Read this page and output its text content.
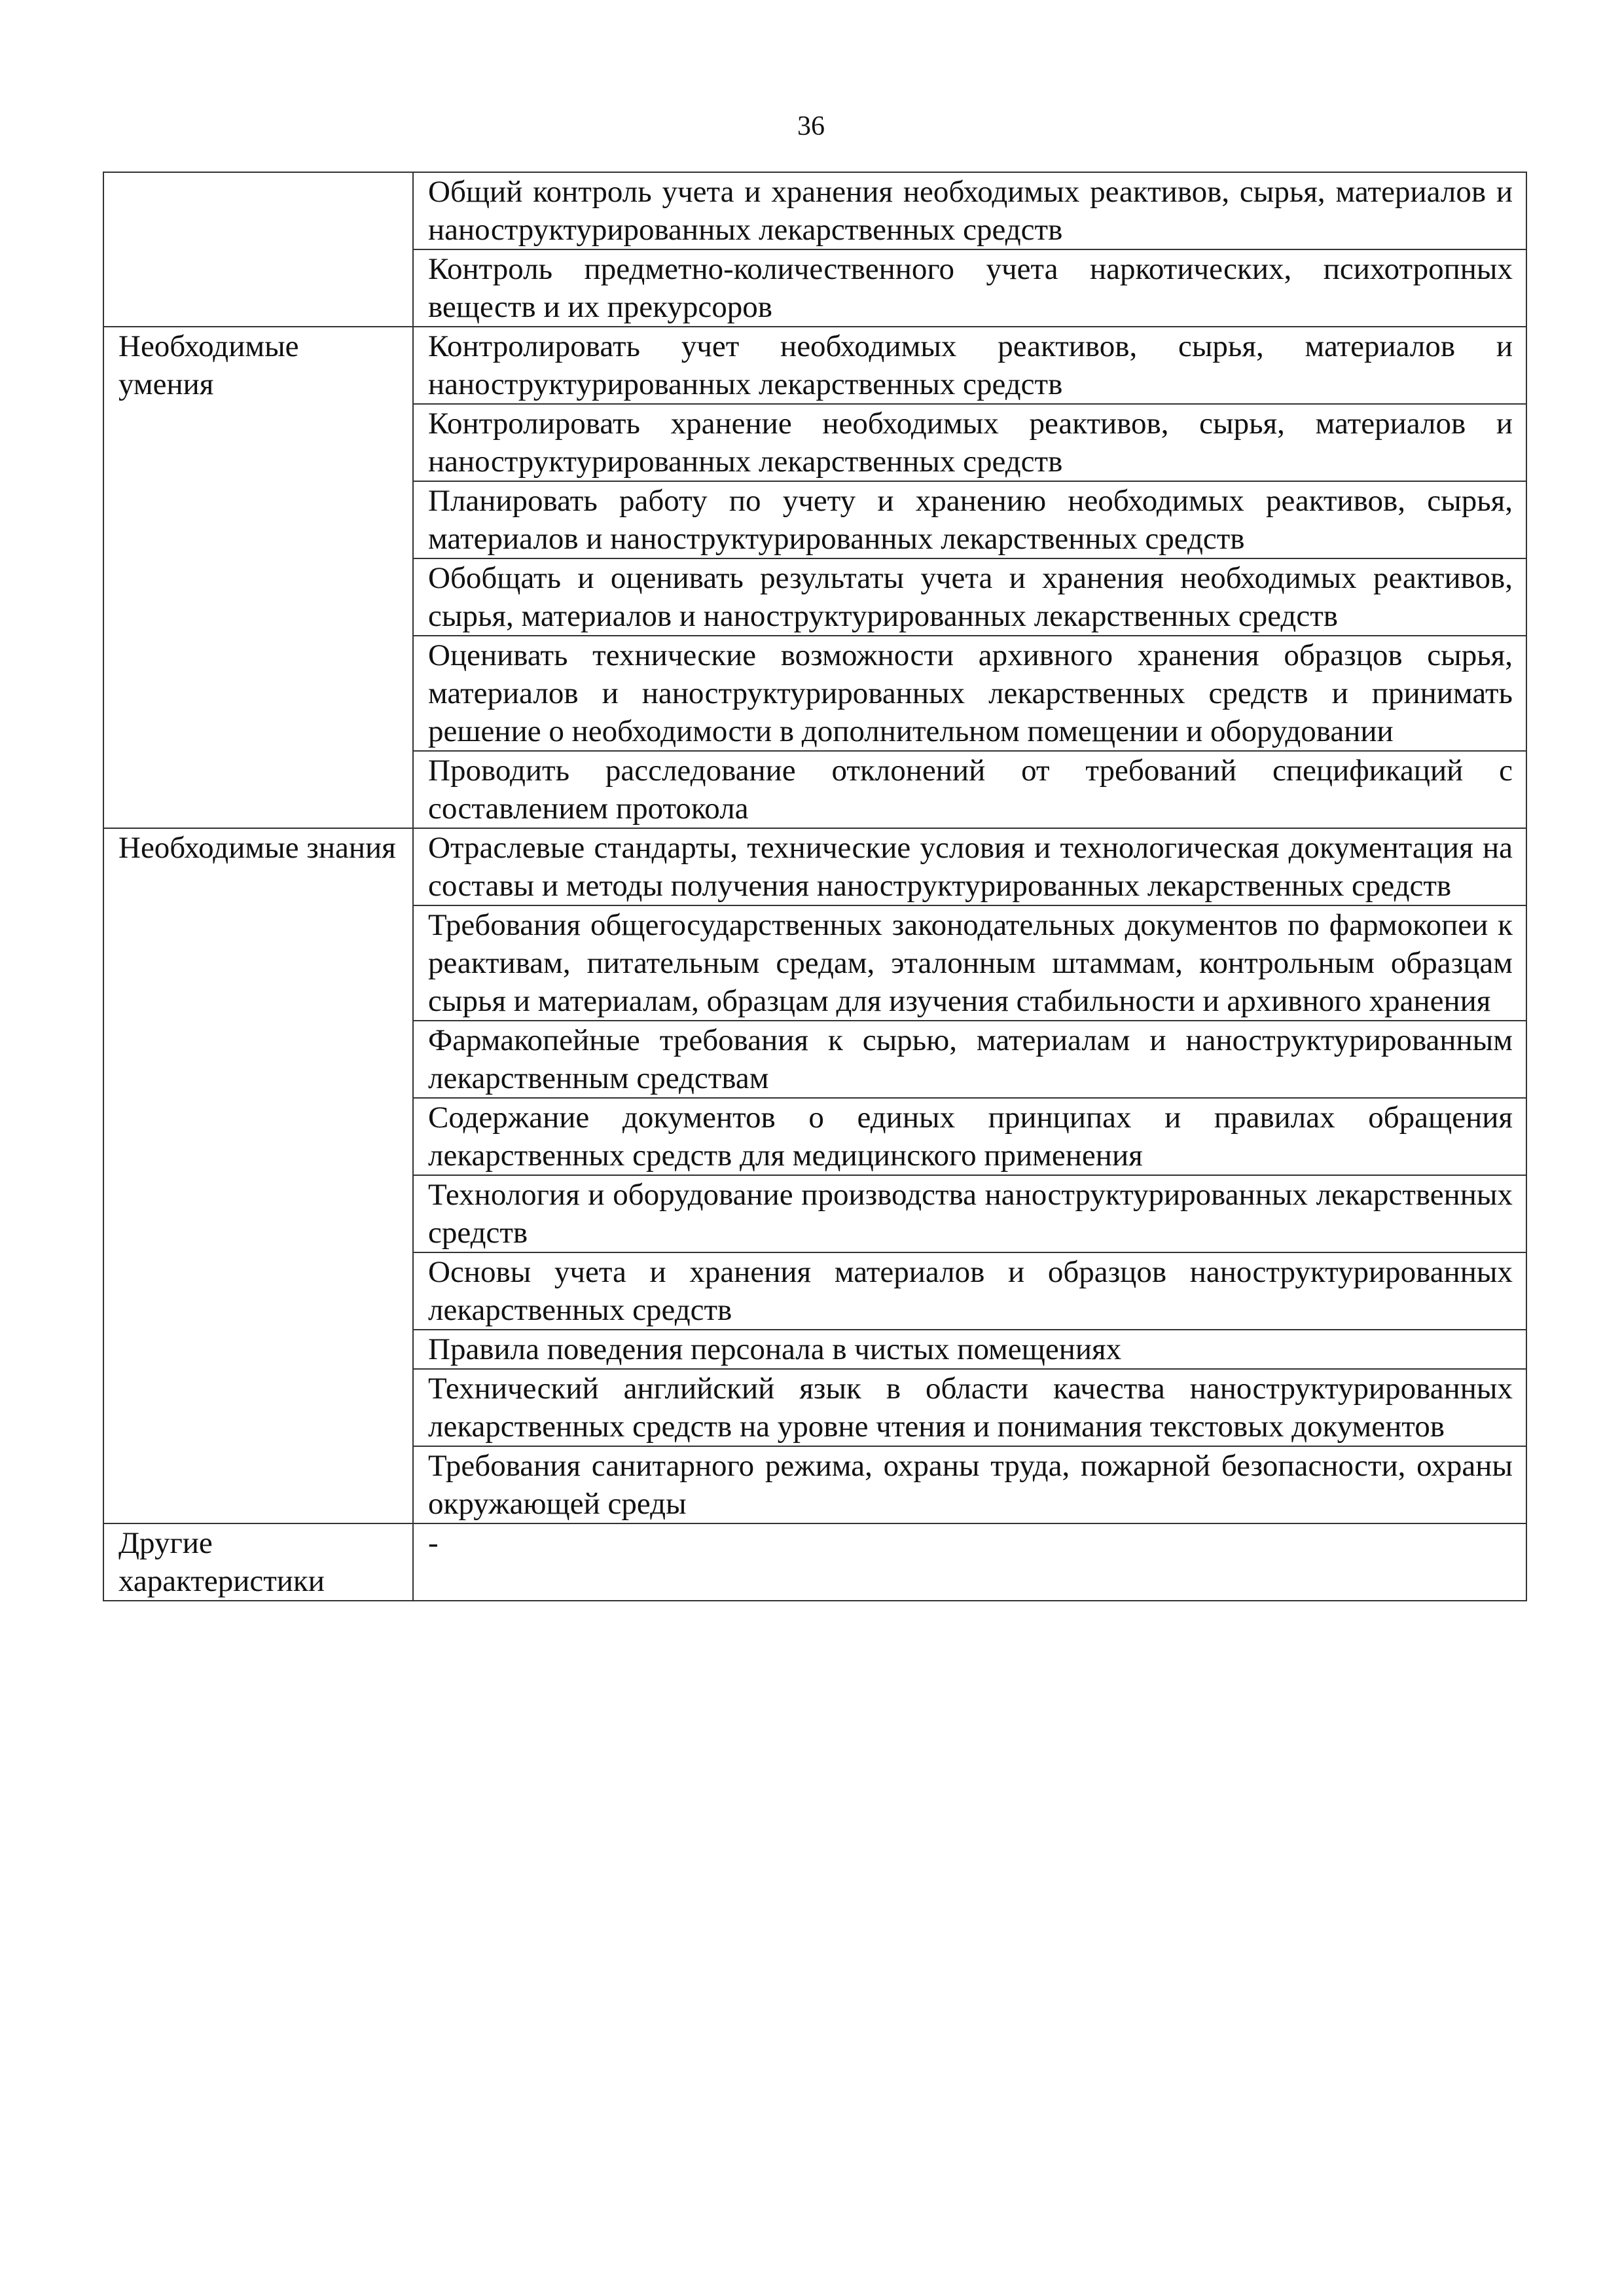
36
	Общий контроль учета и хранения необходимых реактивов, сырья, материалов и наноструктурированных лекарственных средств
	Контроль предметно-количественного учета наркотических, психотропных веществ и их прекурсоров
Необходимые умения	Контролировать учет необходимых реактивов, сырья, материалов и наноструктурированных лекарственных средств
	Контролировать хранение необходимых реактивов, сырья, материалов и наноструктурированных лекарственных средств
	Планировать работу по учету и хранению необходимых реактивов, сырья, материалов и наноструктурированных лекарственных средств
	Обобщать и оценивать результаты учета и хранения необходимых реактивов, сырья, материалов и наноструктурированных лекарственных средств
	Оценивать технические возможности архивного хранения образцов сырья, материалов и наноструктурированных лекарственных средств и принимать решение о необходимости в дополнительном помещении и оборудовании
	Проводить расследование отклонений от требований спецификаций с составлением протокола
Необходимые знания	Отраслевые стандарты, технические условия и технологическая документация на составы и методы получения наноструктурированных лекарственных средств
	Требования общегосударственных законодательных документов по фармокопеи к реактивам, питательным средам, эталонным штаммам, контрольным образцам сырья и материалам, образцам для изучения стабильности и архивного хранения
	Фармакопейные требования к сырью, материалам и наноструктурированным лекарственным средствам
	Содержание документов о единых принципах и правилах обращения лекарственных средств для медицинского применения
	Технология и оборудование производства наноструктурированных лекарственных средств
	Основы учета и хранения материалов и образцов наноструктурированных лекарственных средств
	Правила поведения персонала в чистых помещениях
	Технический английский язык в области качества наноструктурированных лекарственных средств на уровне чтения и понимания текстовых документов
	Требования санитарного режима, охраны труда, пожарной безопасности, охраны окружающей среды
Другие характеристики	-
